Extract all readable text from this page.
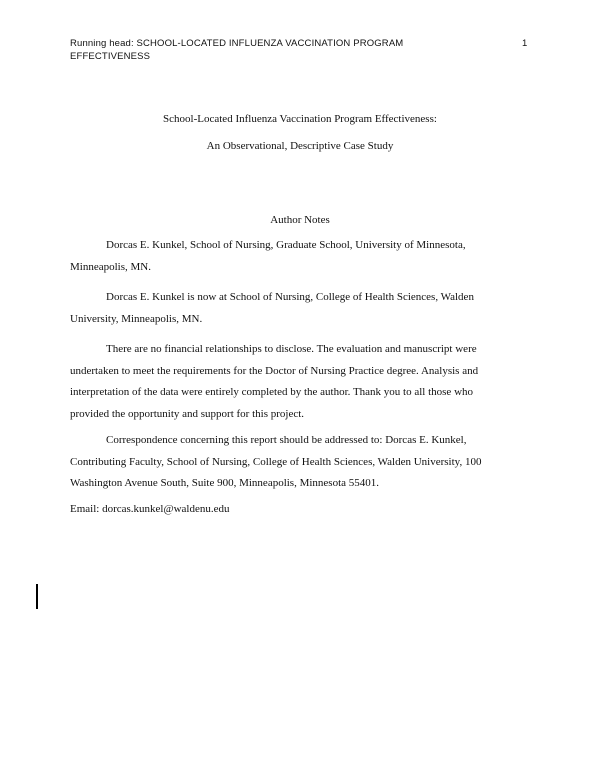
Running head: SCHOOL-LOCATED INFLUENZA VACCINATION PROGRAM
EFFECTIVENESS
1
School-Located Influenza Vaccination Program Effectiveness:
An Observational, Descriptive Case Study
Author Notes
Dorcas E. Kunkel, School of Nursing, Graduate School, University of Minnesota,
Minneapolis, MN.
Dorcas E. Kunkel is now at School of Nursing, College of Health Sciences, Walden
University, Minneapolis, MN.
There are no financial relationships to disclose. The evaluation and manuscript were
undertaken to meet the requirements for the Doctor of Nursing Practice degree. Analysis and
interpretation of the data were entirely completed by the author. Thank you to all those who
provided the opportunity and support for this project.
Correspondence concerning this report should be addressed to: Dorcas E. Kunkel,
Contributing Faculty, School of Nursing, College of Health Sciences, Walden University, 100
Washington Avenue South, Suite 900, Minneapolis, Minnesota 55401.
Email: dorcas.kunkel@waldenu.edu
